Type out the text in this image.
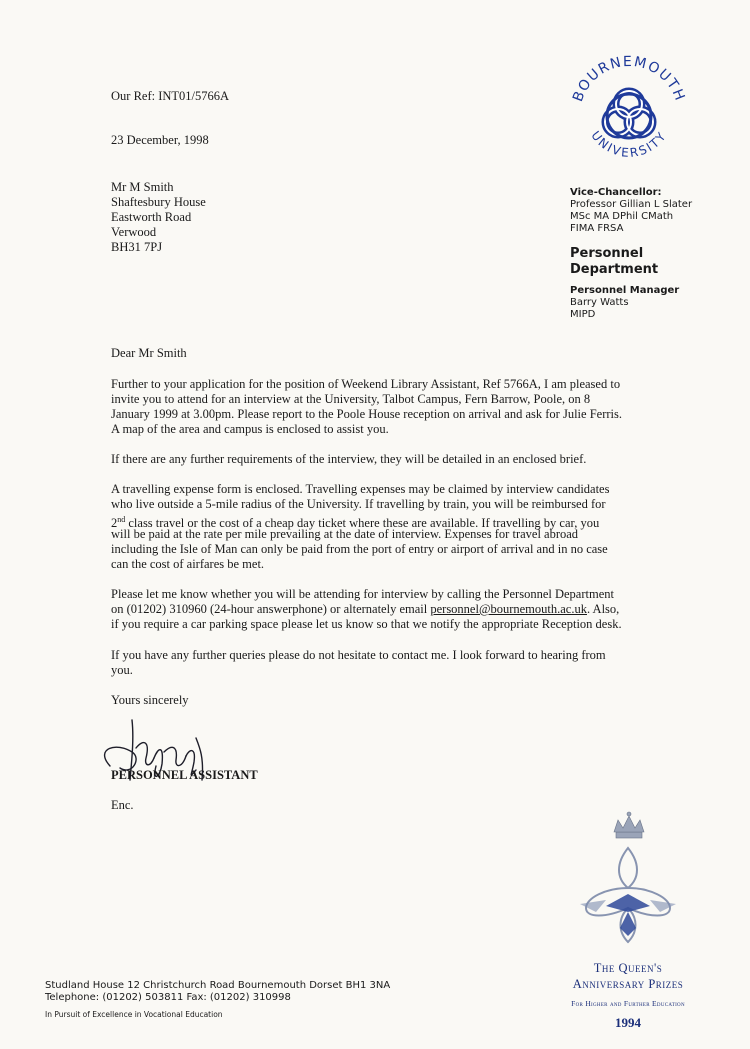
Our Ref: INT01/5766A
23 December, 1998
Mr M Smith
Shaftesbury House
Eastworth Road
Verwood
BH31 7PJ
BOURNEMOUTH
UNIVERSITY
Vice-Chancellor:
Professor Gillian L Slater
MSc MA DPhil CMath
FIMA FRSA
Personnel
Department
Personnel Manager
Barry Watts
MIPD
Dear Mr Smith
Further to your application for the position of Weekend Library Assistant, Ref 5766A, I am pleased to
invite you to attend for an interview at the University, Talbot Campus, Fern Barrow, Poole, on 8
January 1999 at 3.00pm. Please report to the Poole House reception on arrival and ask for Julie Ferris.
A map of the area and campus is enclosed to assist you.
If there are any further requirements of the interview, they will be detailed in an enclosed brief.
A travelling expense form is enclosed. Travelling expenses may be claimed by interview candidates
who live outside a 5-mile radius of the University. If travelling by train, you will be reimbursed for
2nd class travel or the cost of a cheap day ticket where these are available. If travelling by car, you
will be paid at the rate per mile prevailing at the date of interview. Expenses for travel abroad
including the Isle of Man can only be paid from the port of entry or airport of arrival and in no case
can the cost of airfares be met.
Please let me know whether you will be attending for interview by calling the Personnel Department
on (01202) 310960 (24-hour answerphone) or alternately email personnel@bournemouth.ac.uk. Also,
if you require a car parking space please let us know so that we notify the appropriate Reception desk.
If you have any further queries please do not hesitate to contact me. I look forward to hearing from
you.
Yours sincerely
PERSONNEL ASSISTANT
Enc.
The Queen's
Anniversary Prizes
For Higher and Further Education
1994
Studland House 12 Christchurch Road Bournemouth Dorset BH1 3NA
Telephone: (01202) 503811 Fax: (01202) 310998
In Pursuit of Excellence in Vocational Education
